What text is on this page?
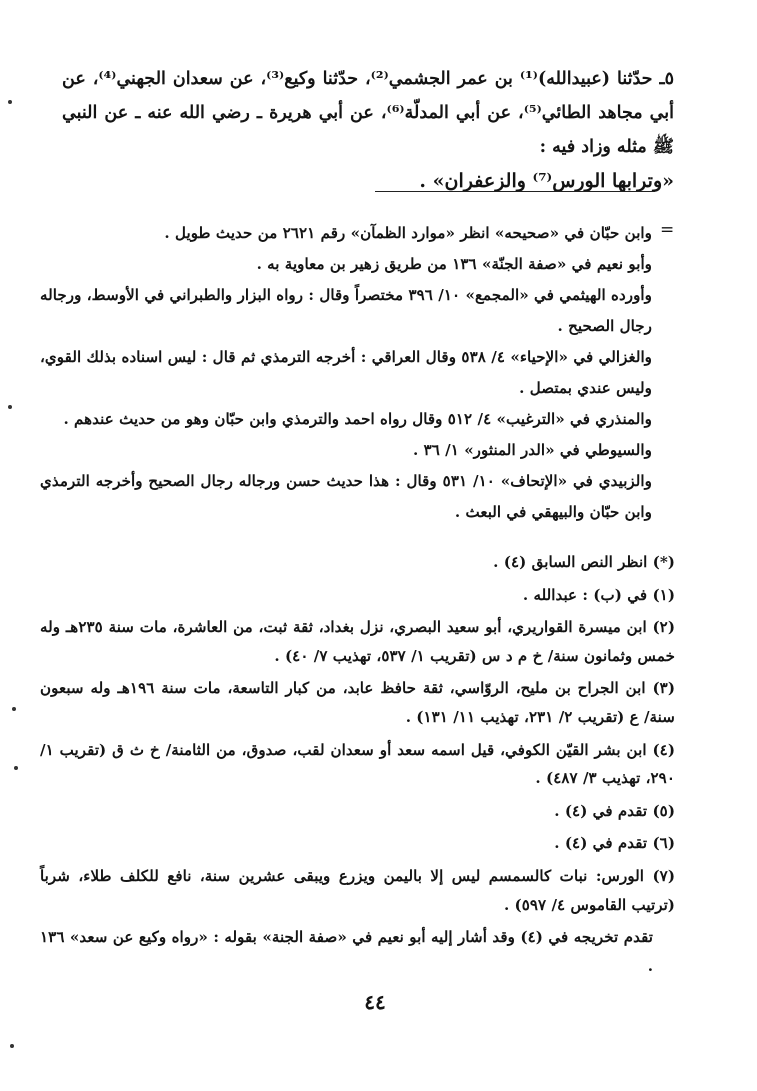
٥ـ حدّثنا (عبيدالله)⁽¹⁾ بن عمر الجشمي⁽²⁾، حدّثنا وكيع⁽³⁾، عن سعدان الجهني⁽⁴⁾، عن أبي مجاهد الطائي⁽⁵⁾، عن أبي المدلّة⁽⁶⁾، عن أبي هريرة ـ رضي الله عنه ـ عن النبي ﷺ مثله وزاد فيه :
«وترابها الورس⁽⁷⁾ والزعفران» .
=

وابن حبّان في «صحيحه» انظر «موارد الظمآن» رقم ٢٦٢١ من حديث طويل .

وأبو نعيم في «صفة الجنّة» ١٣٦ من طريق زهير بن معاوية به .

وأورده الهيثمي في «المجمع» ١٠/ ٣٩٦ مختصراً وقال : رواه البزار والطبراني في الأوسط، ورجاله رجال الصحيح .

والغزالي في «الإحياء» ٤/ ٥٣٨ وقال العراقي : أخرجه الترمذي ثم قال : ليس اسناده بذلك القوي، وليس عندي بمتصل .

والمنذري في «الترغيب» ٤/ ٥١٢ وقال رواه احمد والترمذي وابن حبّان وهو من حديث عندهم .

والسيوطي في «الدر المنثور» ١/ ٣٦ .

والزبيدي في «الإتحاف» ١٠/ ٥٣١ وقال : هذا حديث حسن ورجاله رجال الصحيح وأخرجه الترمذي وابن حبّان والبيهقي في البعث .

(*) انظر النص السابق (٤) .

(١) في (ب) : عبدالله .

(٢) ابن ميسرة القواريري، أبو سعيد البصري، نزل بغداد، ثقة ثبت، من العاشرة، مات سنة ٢٣٥هـ وله خمس وثمانون سنة/ خ م د س (تقريب ١/ ٥٣٧، تهذيب ٧/ ٤٠) .

(٣) ابن الجراح بن مليح، الروّاسي، ثقة حافظ عابد، من كبار التاسعة، مات سنة ١٩٦هـ وله سبعون سنة/ ع (تقريب ٢/ ٢٣١، تهذيب ١١/ ١٣١) .

(٤) ابن بشر القيّن الكوفي، قيل اسمه سعد أو سعدان لقب، صدوق، من الثامنة/ خ ث ق (تقريب ١/ ٢٩٠، تهذيب ٣/ ٤٨٧) .

(٥) تقدم في (٤) .

(٦) تقدم في (٤) .

(٧) الورس: نبات كالسمسم ليس إلا باليمن ويزرع ويبقى عشرين سنة، نافع للكلف طلاء، شرباً (ترتيب القاموس ٤/ ٥٩٧) .

تقدم تخريجه في (٤) وقد أشار إليه أبو نعيم في «صفة الجنة» بقوله : «رواه وكيع عن سعد» ١٣٦ .

٤٤
